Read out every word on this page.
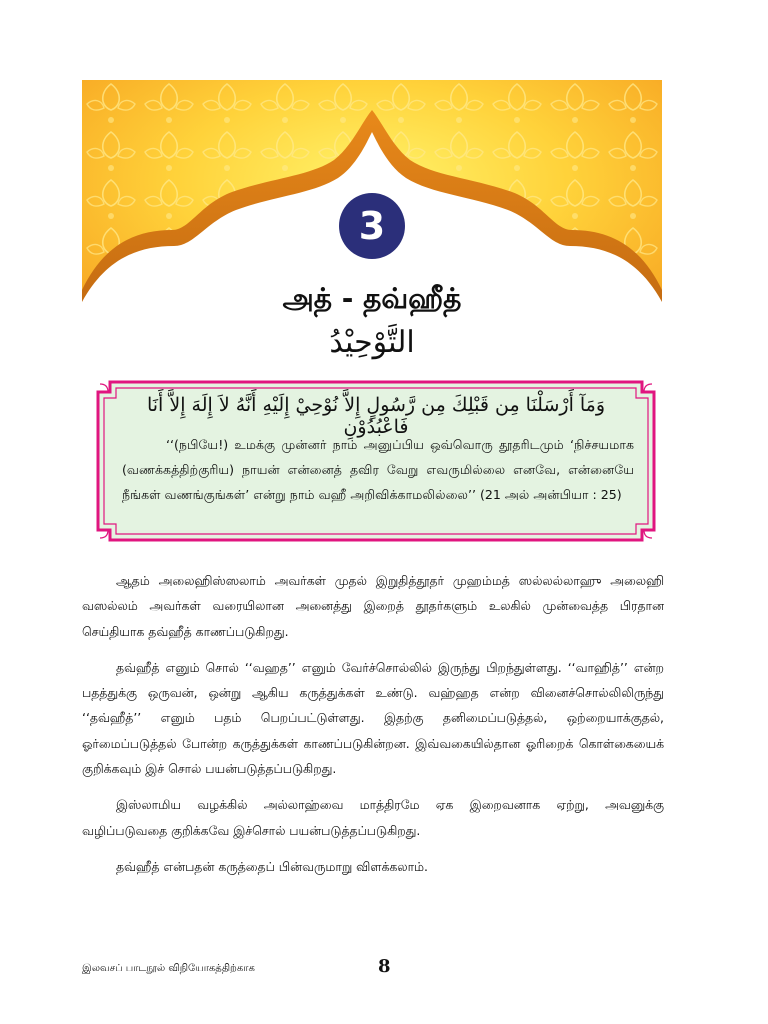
3
அத் - தவ்ஹீத்
التَّوْحِيْدُ
وَمَآ أَرْسَلْنَا مِن قَبْلِكَ مِن رَّسُولٍ إِلاَّ نُوْحِيْ إِلَيْهِ أَنَّهُ لاَ إِلَهَ إِلاَّ أَنَا فَاعْبُدُوْنِ
‘‘(நபியே!) உமக்கு முன்னர் நாம் அனுப்பிய ஒவ்வொரு தூதரிடமும் ‘நிச்சயமாக (வணக்கத்திற்குரிய) நாயன் என்னைத் தவிர வேறு எவருமில்லை எனவே, என்னையே நீங்கள் வணங்குங்கள்’ என்று நாம் வஹீ அறிவிக்காமலில்லை’’ (21 அல் அன்பியா : 25)

ஆதம் அலைஹிஸ்ஸலாம் அவர்கள் முதல் இறுதித்தூதர் முஹம்மத் ஸல்லல்லாஹு அலைஹி வஸல்லம் அவர்கள் வரையிலான அனைத்து இறைத் தூதர்களும் உலகில் முன்வைத்த பிரதான செய்தியாக தவ்ஹீத் காணப்படுகிறது.

தவ்ஹீத் எனும் சொல் ‘‘வஹத’’ எனும் வேர்ச்சொல்லில் இருந்து பிறந்துள்ளது. ‘‘வாஹித்’’ என்ற பதத்துக்கு ஒருவன், ஒன்று ஆகிய கருத்துக்கள் உண்டு. வஹ்ஹத என்ற வினைச்சொல்லிலிருந்து ‘‘தவ்ஹீத்’’ எனும் பதம் பெறப்பட்டுள்ளது. இதற்கு தனிமைப்படுத்தல், ஒற்றையாக்குதல், ஓர்மைப்படுத்தல் போன்ற கருத்துக்கள் காணப்படுகின்றன. இவ்வகையில்தான ஓரிறைக் கொள்கையைக் குறிக்கவும் இச் சொல் பயன்படுத்தப்படுகிறது.

இஸ்லாமிய வழக்கில் அல்லாஹ்வை மாத்திரமே ஏக இறைவனாக ஏற்று, அவனுக்கு வழிப்படுவதை குறிக்கவே இச்சொல் பயன்படுத்தப்படுகிறது.

தவ்ஹீத் என்பதன் கருத்தைப் பின்வருமாறு விளக்கலாம்.

இலவசப் பாடநூல் விநியோகத்திற்காக	8
